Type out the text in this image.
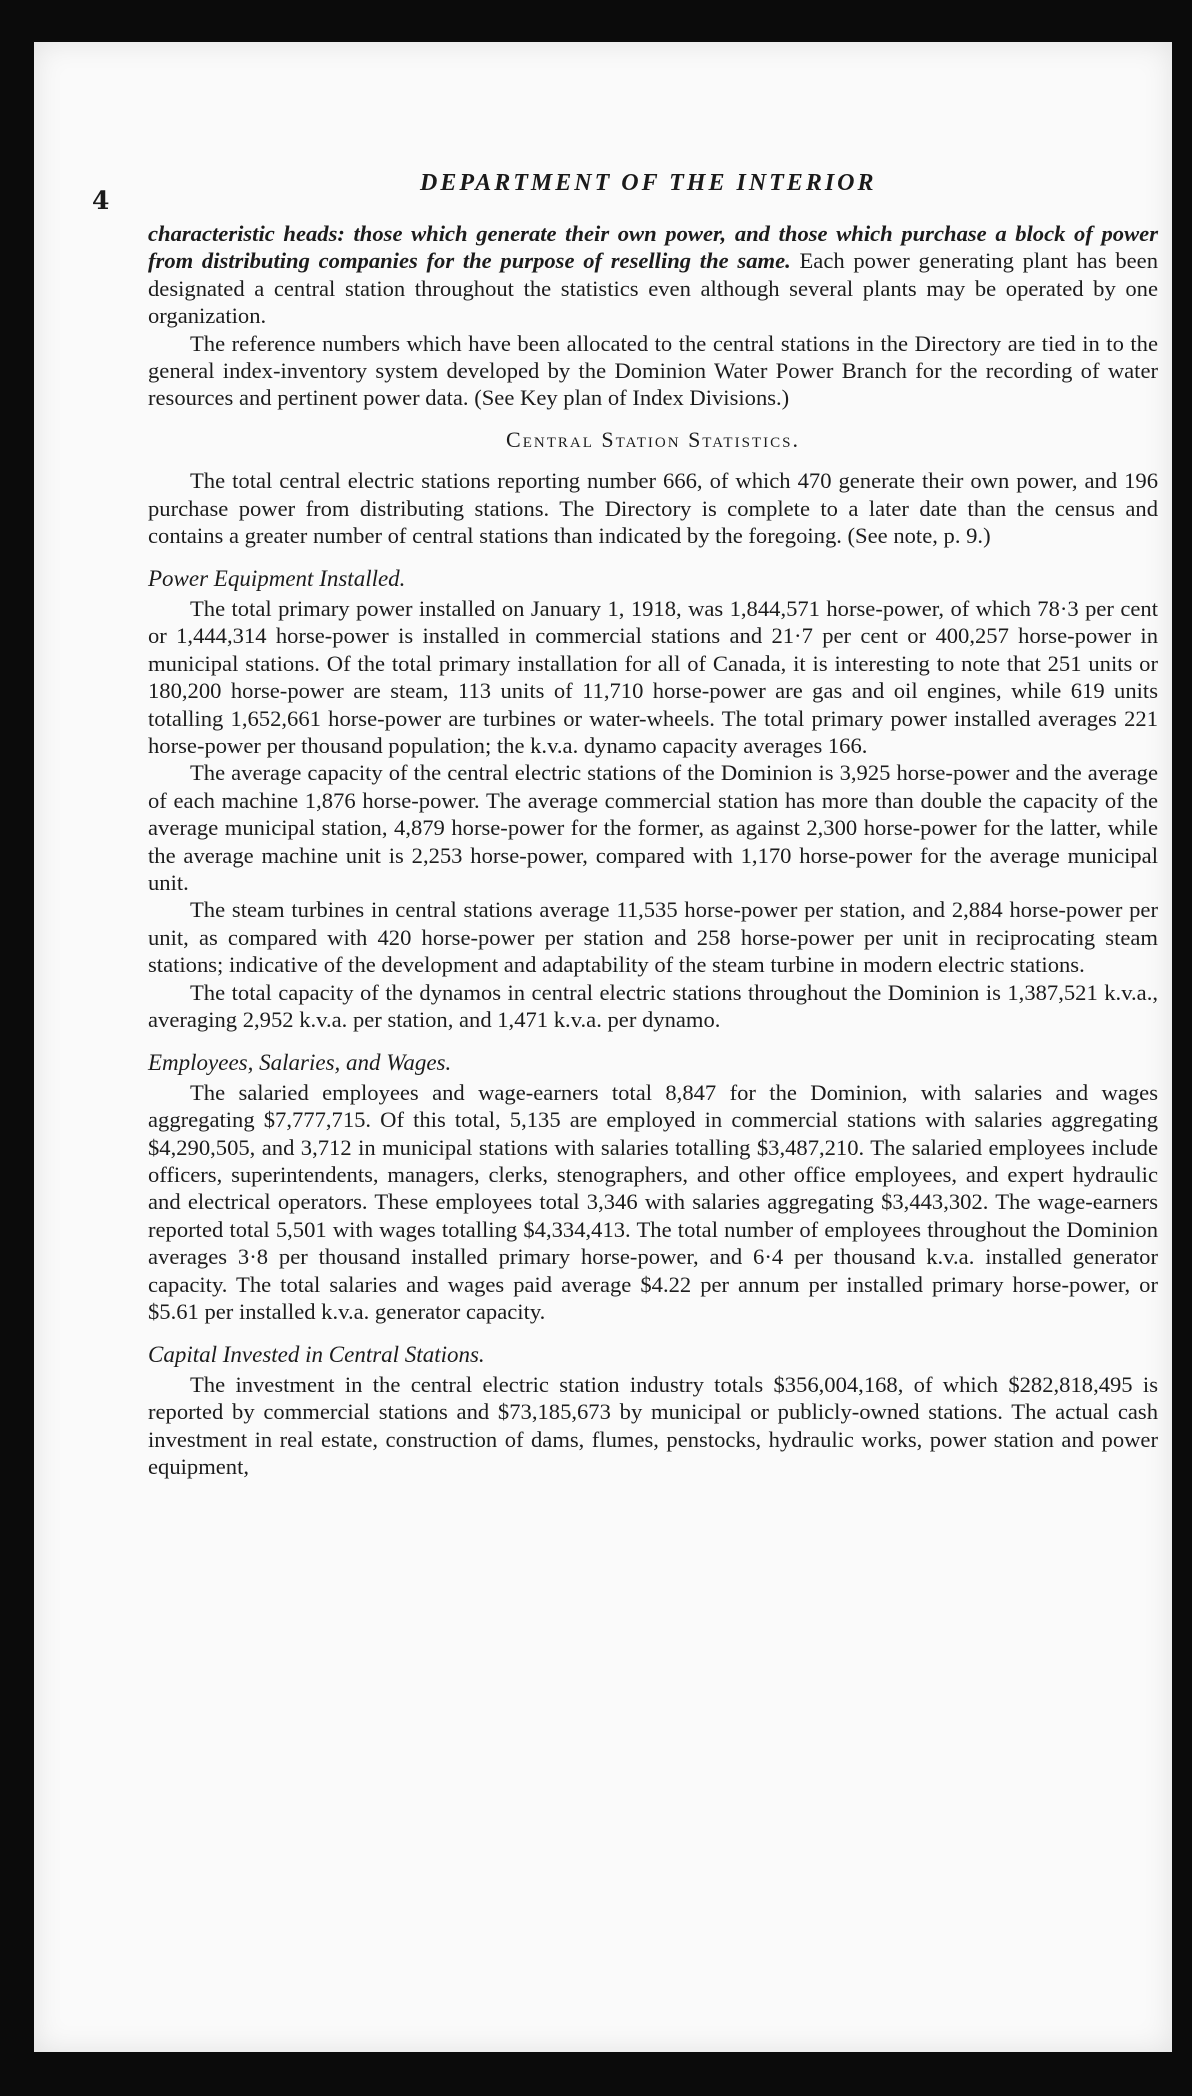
4
DEPARTMENT OF THE INTERIOR

characteristic heads: those which generate their own power, and those which purchase a block of power from distributing companies for the purpose of reselling the same. Each power generating plant has been designated a central station throughout the statistics even although several plants may be operated by one organization.

The reference numbers which have been allocated to the central stations in the Directory are tied in to the general index-inventory system developed by the Dominion Water Power Branch for the recording of water resources and pertinent power data. (See Key plan of Index Divisions.)

Central Station Statistics.

The total central electric stations reporting number 666, of which 470 generate their own power, and 196 purchase power from distributing stations. The Directory is complete to a later date than the census and contains a greater number of central stations than indicated by the foregoing. (See note, p. 9.)

Power Equipment Installed.

The total primary power installed on January 1, 1918, was 1,844,571 horse-power, of which 78·3 per cent or 1,444,314 horse-power is installed in commercial stations and 21·7 per cent or 400,257 horse-power in municipal stations. Of the total primary installation for all of Canada, it is interesting to note that 251 units or 180,200 horse-power are steam, 113 units of 11,710 horse-power are gas and oil engines, while 619 units totalling 1,652,661 horse-power are turbines or water-wheels. The total primary power installed averages 221 horse-power per thousand population; the k.v.a. dynamo capacity averages 166.

The average capacity of the central electric stations of the Dominion is 3,925 horse-power and the average of each machine 1,876 horse-power. The average commercial station has more than double the capacity of the average municipal station, 4,879 horse-power for the former, as against 2,300 horse-power for the latter, while the average machine unit is 2,253 horse-power, compared with 1,170 horse-power for the average municipal unit.

The steam turbines in central stations average 11,535 horse-power per station, and 2,884 horse-power per unit, as compared with 420 horse-power per station and 258 horse-power per unit in reciprocating steam stations; indicative of the development and adaptability of the steam turbine in modern electric stations.

The total capacity of the dynamos in central electric stations throughout the Dominion is 1,387,521 k.v.a., averaging 2,952 k.v.a. per station, and 1,471 k.v.a. per dynamo.

Employees, Salaries, and Wages.

The salaried employees and wage-earners total 8,847 for the Dominion, with salaries and wages aggregating $7,777,715. Of this total, 5,135 are employed in commercial stations with salaries aggregating $4,290,505, and 3,712 in municipal stations with salaries totalling $3,487,210. The salaried employees include officers, superintendents, managers, clerks, stenographers, and other office employees, and expert hydraulic and electrical operators. These employees total 3,346 with salaries aggregating $3,443,302. The wage-earners reported total 5,501 with wages totalling $4,334,413. The total number of employees throughout the Dominion averages 3·8 per thousand installed primary horse-power, and 6·4 per thousand k.v.a. installed generator capacity. The total salaries and wages paid average $4.22 per annum per installed primary horse-power, or $5.61 per installed k.v.a. generator capacity.

Capital Invested in Central Stations.

The investment in the central electric station industry totals $356,004,168, of which $282,818,495 is reported by commercial stations and $73,185,673 by municipal or publicly-owned stations. The actual cash investment in real estate, construction of dams, flumes, penstocks, hydraulic works, power station and power equipment,
